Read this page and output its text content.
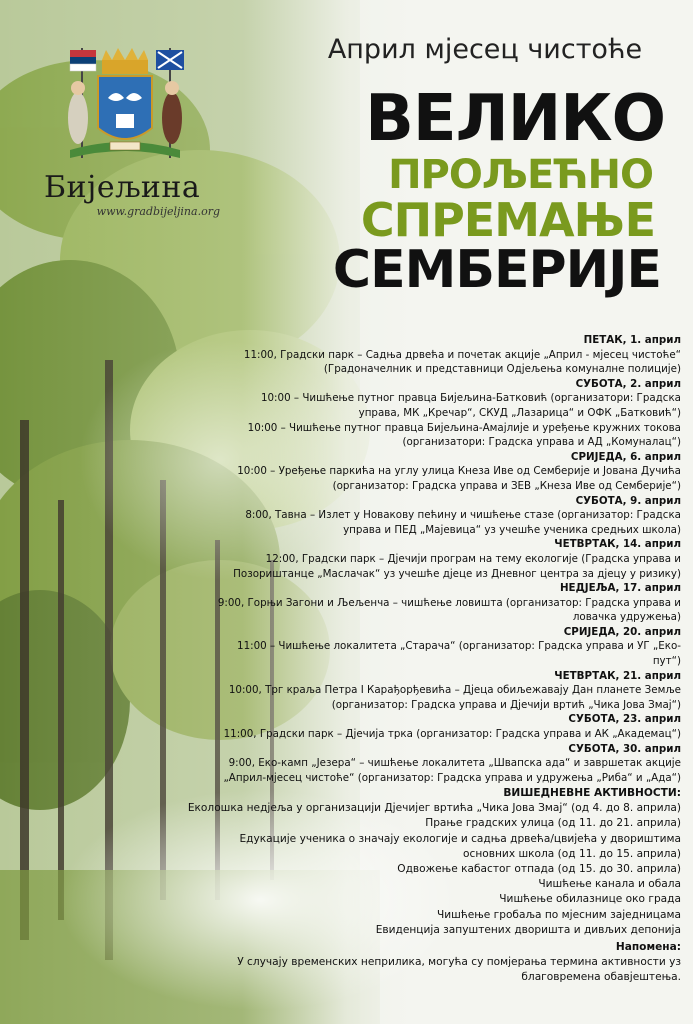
Бијељина
www.gradbijeljina.org
Април мјесец чистоће
ВЕЛИКО
ПРОЉЕЋНО
СПРЕМАЊЕ
СЕМБЕРИЈЕ

ПЕТАК, 1. април

11:00, Градски парк – Садња дрвећа и почетак акције „Април - мјесец чистоће“

(Градоначелник и представници Одјељења комуналне полиције)

СУБОТА, 2. април

10:00 – Чишћење путног правца Бијељина-Батковић (организатори: Градска

управа, МК „Кречар“, СКУД „Лазарица“ и ОФК „Батковић“)

10:00 – Чишћење путног правца Бијељина-Амајлије и уређење кружних токова

(организатори: Градска управа и АД „Комуналац“)

СРИЈЕДА, 6. април

10:00 – Уређење паркића на углу улица Кнеза Иве од Семберије и Јована Дучића

(организатор: Градска управа и ЗЕВ „Кнеза Иве од Семберије“)

СУБОТА, 9. април

8:00, Тавна – Излет у Новакову пећину и чишћење стазе (организатор: Градска

управа и ПЕД „Мајевица“ уз учешће ученика средњих школа)

ЧЕТВРТАК, 14. април

12:00, Градски парк – Дјечији програм на тему екологије (Градска управа и

Позориштанце „Маслачак“ уз учешће дјеце из Дневног центра за дјецу у ризику)

НЕДЈЕЉА, 17. април

9:00, Горњи Загони и Љељенча – чишћење ловишта (организатор: Градска управа и

ловачка удружења)

СРИЈЕДА, 20. април

11:00 – Чишћење локалитета „Старача“ (организатор: Градска управа и УГ „Еко-пут“)

ЧЕТВРТАК, 21. април

10:00, Трг краља Петра I Карађорђевића – Дјеца обиљежавају Дан планете Земље

(организатор: Градска управа и Дјечији вртић „Чика Јова Змај“)

СУБОТА, 23. април

11:00, Градски парк – Дјечија трка (организатор: Градска управа и АК „Академац“)

СУБОТА, 30. април

9:00, Еко-камп „Језера“ – чишћење локалитета „Швапска ада“ и завршетак акције

„Април-мјесец чистоће“ (организатор: Градска управа и удружења „Риба“ и „Ада“)

ВИШЕДНЕВНЕ АКТИВНОСТИ:

Еколошка недјеља у организацији Дјечијег вртића „Чика Јова Змај“ (од 4. до 8. априла)

Прање градских улица (од 11. до 21. априла)

Едукације ученика о значају екологије и садња дрвећа/цвијећа у двориштима

основних школа (од 11. до 15. априла)

Одвожење кабастог отпада (од 15. до 30. априла)

Чишћење канала и обала

Чишћење обилазнице око града

Чишћење гробаља по мјесним заједницама

Евиденција запуштених дворишта и дивљих депонија

Напомена:

У случају временских неприлика, могућа су помјерања термина активности уз

благовремена обавјештења.
